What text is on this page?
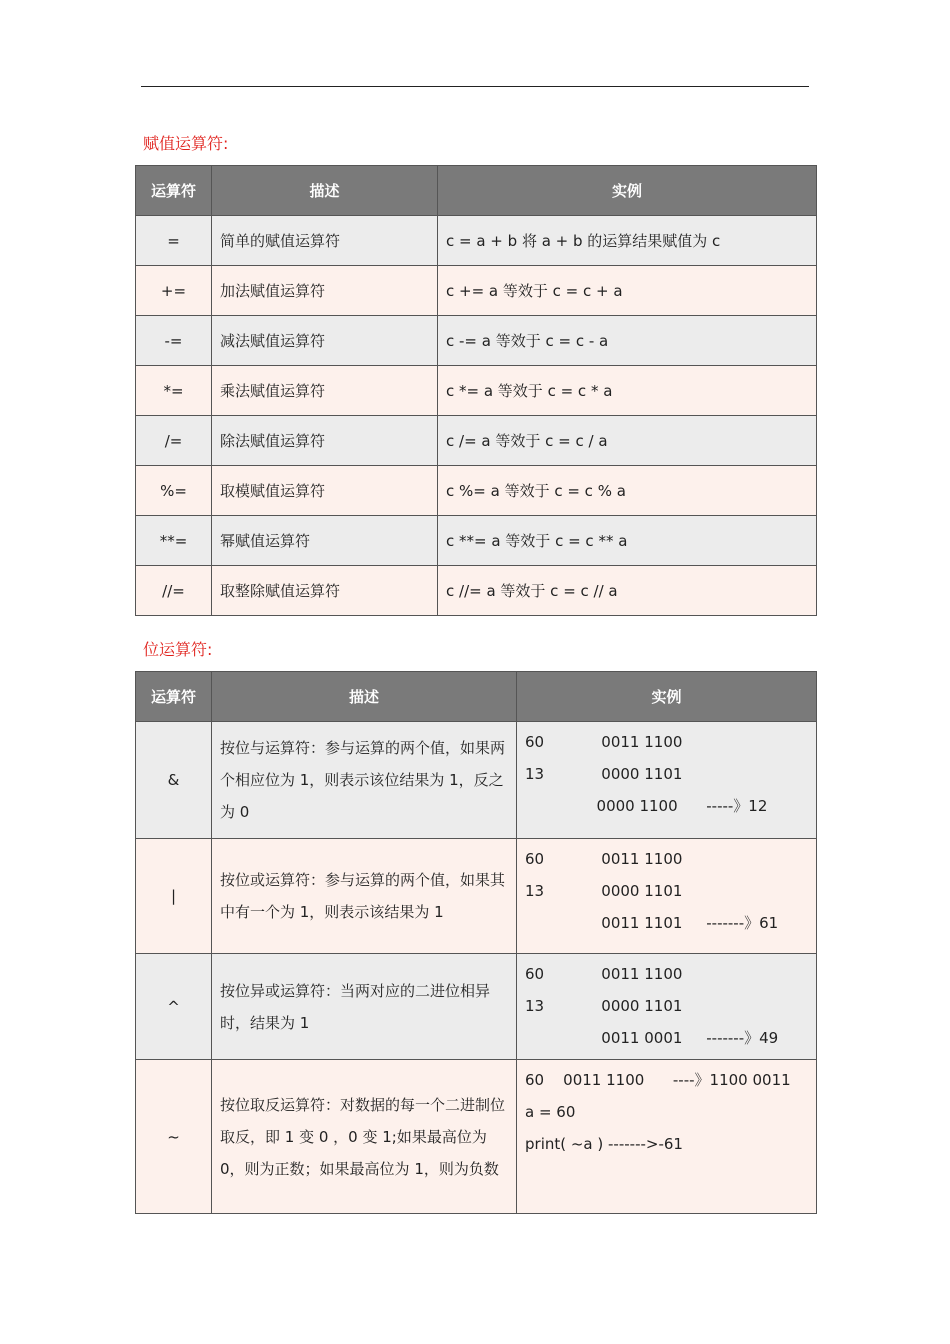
赋值运算符:
运算符	描述	实例
=	简单的赋值运算符	c = a + b 将 a + b 的运算结果赋值为 c
+=	加法赋值运算符	c += a 等效于 c = c + a
-=	减法赋值运算符	c -= a 等效于 c = c - a
*=	乘法赋值运算符	c *= a 等效于 c = c * a
/=	除法赋值运算符	c /= a 等效于 c = c / a
%=	取模赋值运算符	c %= a 等效于 c = c % a
**=	幂赋值运算符	c **= a 等效于 c = c ** a
//=	取整除赋值运算符	c //= a 等效于 c = c // a
位运算符:
运算符	描述	实例
&	按位与运算符：参与运算的两个值，如果两个相应位为 1，则表示该位结果为 1，反之为 0	60            0011 1100
13            0000 1101
0000 1100      -----》12

|	按位或运算符：参与运算的两个值，如果其中有一个为 1，则表示该结果为 1	60            0011 1100
13            0000 1101
0011 1101     -------》61

^	按位异或运算符：当两对应的二进位相异时，结果为 1	60            0011 1100
13            0000 1101
0011 0001     -------》49

~	按位取反运算符：对数据的每一个二进制位取反，即 1 变 0 ，0 变 1;如果最高位为 0，则为正数；如果最高位为 1，则为负数	60    0011 1100      ----》1100 0011
a = 60
print( ~a ) ------->-61
